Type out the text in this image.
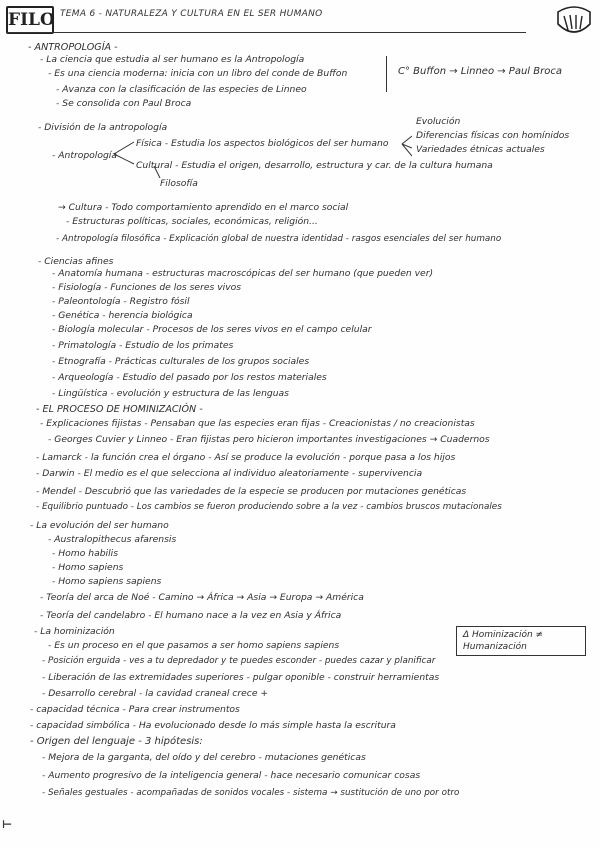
FILO TEMA 6 - NATURALEZA Y CULTURA EN EL SER HUMANO
- ANTROPOLOGÍA -
- La ciencia que estudia al ser humano es la Antropología
- Es una ciencia moderna: inicia con un libro del conde de Buffon
- Avanza con la clasificación de las especies de Linneo
- Se consolida con Paul Broca
C° Buffon → Linneo → Paul Broca
- División de la antropología
Física - Estudia los aspectos biológicos del ser humano
Evolución
Diferencias físicas con homínidos
Variedades étnicas actuales
- Antropología
Cultural - Estudia el origen, desarrollo, estructura y car. de la cultura humana
Filosofía
→ Cultura - Todo comportamiento aprendido en el marco social
- Estructuras políticas, sociales, económicas, religión...
- Antropología filosófica - Explicación global de nuestra identidad - rasgos esenciales del ser humano
- Ciencias afines
- Anatomía humana - estructuras macroscópicas del ser humano (que pueden ver)
- Fisiología - Funciones de los seres vivos
- Paleontología - Registro fósil
- Genética - herencia biológica
- Biología molecular - Procesos de los seres vivos en el campo celular
- Primatología - Estudio de los primates
- Etnografía - Prácticas culturales de los grupos sociales
- Arqueología - Estudio del pasado por los restos materiales
- Lingüística - evolución y estructura de las lenguas
- EL PROCESO DE HOMINIZACIÓN -
- Explicaciones fijistas - Pensaban que las especies eran fijas - Creacionistas / no creacionistas
- Georges Cuvier y Linneo - Eran fijistas pero hicieron importantes investigaciones → Cuadernos
- Lamarck - la función crea el órgano - Así se produce la evolución - porque pasa a los hijos
- Darwin - El medio es el que selecciona al individuo aleatoriamente - supervivencia
- Mendel - Descubrió que las variedades de la especie se producen por mutaciones genéticas
- Equilibrio puntuado - Los cambios se fueron produciendo sobre a la vez - cambios bruscos mutacionales
- La evolución del ser humano
- Australopithecus afarensis
- Homo habilis
- Homo sapiens
- Homo sapiens sapiens
- Teoría del arca de Noé - Camino → África → Asia → Europa → América
- Teoría del candelabro - El humano nace a la vez en Asia y África
- La hominización
- Es un proceso en el que pasamos a ser homo sapiens sapiens
- Posición erguida - ves a tu depredador y te puedes esconder - puedes cazar y planificar
- Liberación de las extremidades superiores - pulgar oponible - construir herramientas
- Desarrollo cerebral - la cavidad craneal crece +
- capacidad técnica - Para crear instrumentos
- capacidad simbólica - Ha evolucionado desde lo más simple hasta la escritura
- Origen del lenguaje - 3 hipótesis:
- Mejora de la garganta, del oído y del cerebro - mutaciones genéticas
- Aumento progresivo de la inteligencia general - hace necesario comunicar cosas
- Señales gestuales - acompañadas de sonidos vocales - sistema → sustitución de uno por otro
Δ Hominización ≠ Humanización
⊢
